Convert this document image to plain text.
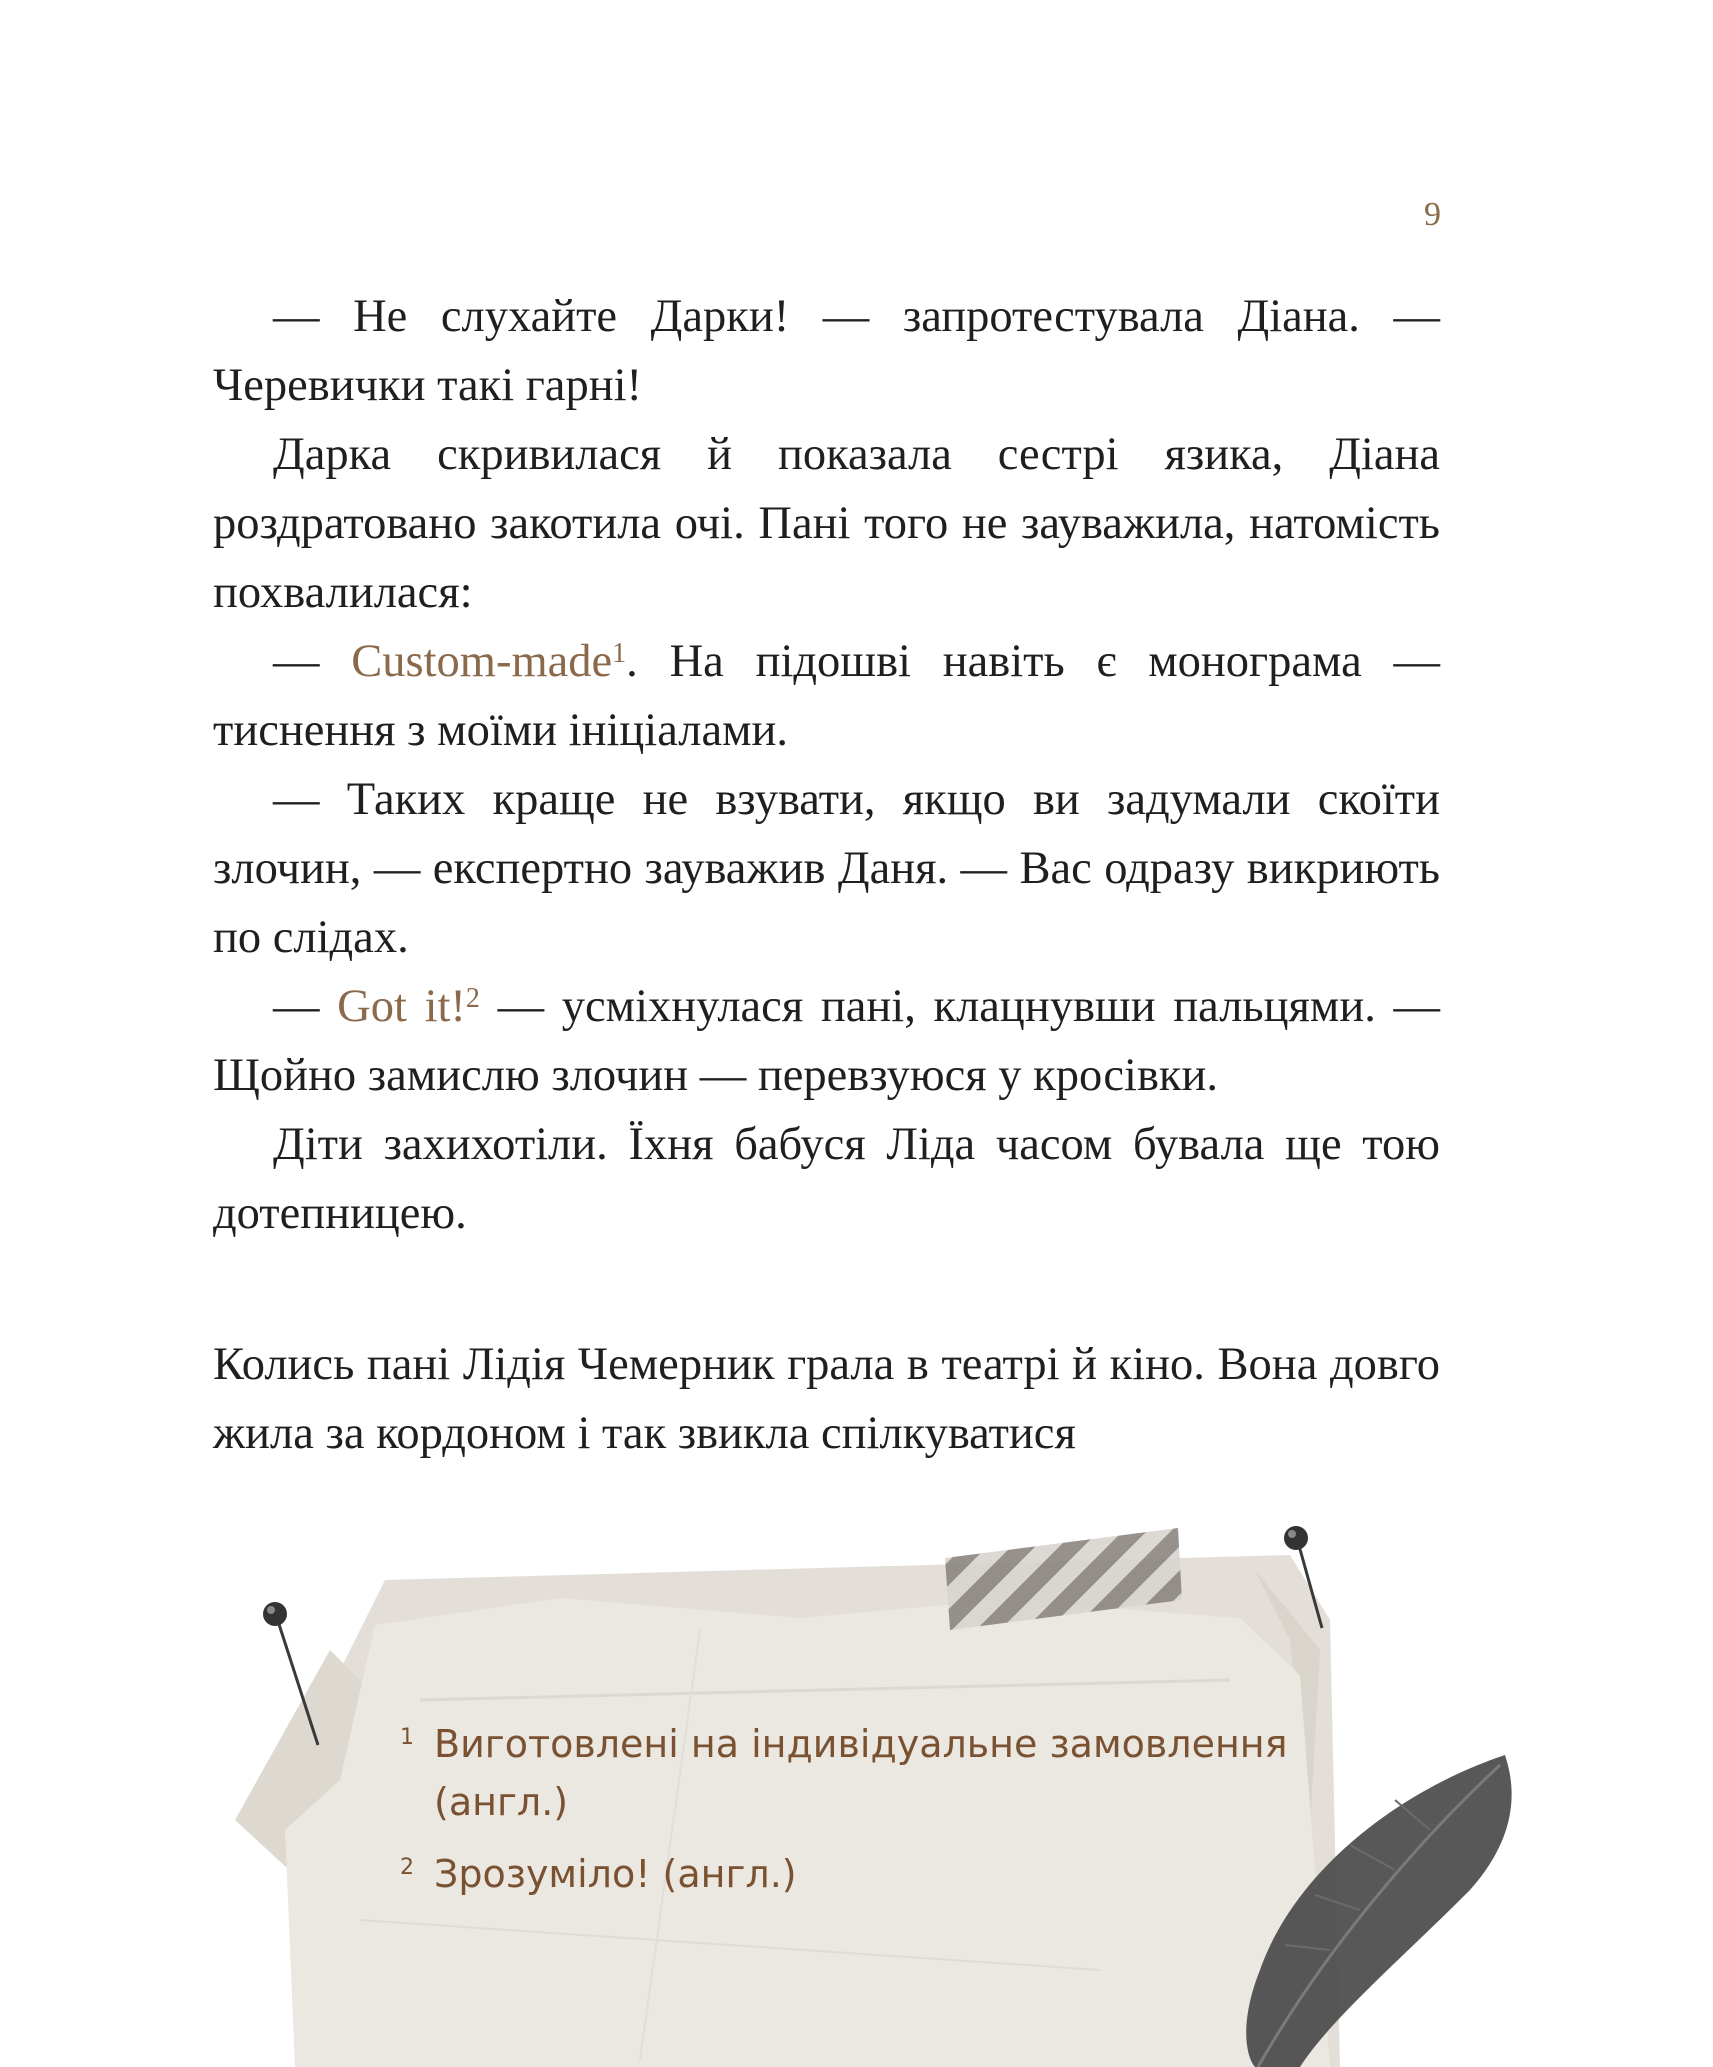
9

— Не слухайте Дарки! — запротестувала Діана. — Черевички такі гарні!

Дарка скривилася й показала сестрі язика, Діана роздратовано закотила очі. Пані того не зауважила, натомість похвалилася:

— Custom-made$^1$. На підошві навіть є монограма — тиснення з моїми ініціалами.

— Таких краще не взувати, якщо ви задумали скоїти злочин, — експертно зауважив Даня. — Вас одразу викриють по слідах.

— Got it!$^2$ — усміхнулася пані, клацнувши пальцями. — Щойно замислю злочин — перевзуюся у кросівки.

Діти захихотіли. Їхня бабуся Ліда часом бувала ще тою дотепницею.

Колись пані Лідія Чемерник грала в театрі й кіно. Вона довго жила за кордоном і так звикла спілкуватися

1 Виготовлені на індивідуальне замовлення (англ.)
2 Зрозуміло! (англ.)
